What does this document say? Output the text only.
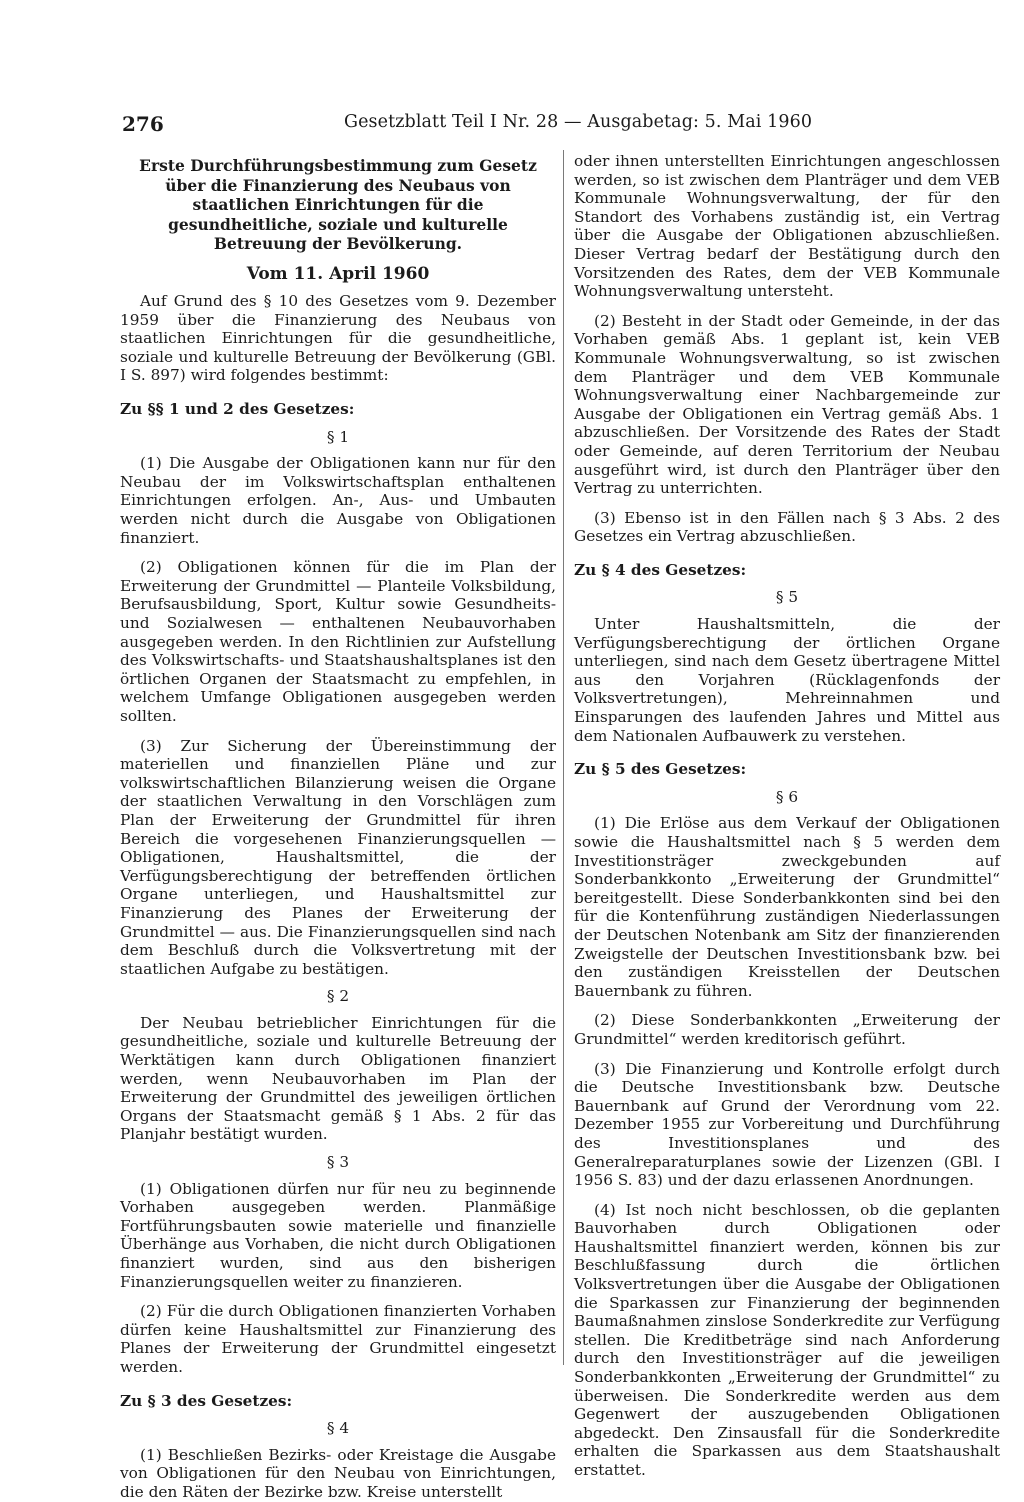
276	Gesetzblatt Teil I Nr. 28 — Ausgabetag: 5. Mai 1960

Erste Durchführungsbestimmung zum Gesetz über die Finanzierung des Neubaus von staatlichen Einrichtungen für die gesundheitliche, soziale und kulturelle Betreuung der Bevölkerung.

Vom 11. April 1960

Auf Grund des § 10 des Gesetzes vom 9. Dezember 1959 über die Finanzierung des Neubaus von staatlichen Einrichtungen für die gesundheitliche, soziale und kulturelle Betreuung der Bevölkerung (GBl. I S. 897) wird folgendes bestimmt:

Zu §§ 1 und 2 des Gesetzes:

§ 1

(1) Die Ausgabe der Obligationen kann nur für den Neubau der im Volkswirtschaftsplan enthaltenen Einrichtungen erfolgen. An-, Aus- und Umbauten werden nicht durch die Ausgabe von Obligationen finanziert.

(2) Obligationen können für die im Plan der Erweiterung der Grundmittel — Planteile Volksbildung, Berufsausbildung, Sport, Kultur sowie Gesundheits- und Sozialwesen — enthaltenen Neubauvorhaben ausgegeben werden. In den Richtlinien zur Aufstellung des Volkswirtschafts- und Staatshaushaltsplanes ist den örtlichen Organen der Staatsmacht zu empfehlen, in welchem Umfange Obligationen ausgegeben werden sollten.

(3) Zur Sicherung der Übereinstimmung der materiellen und finanziellen Pläne und zur volkswirtschaftlichen Bilanzierung weisen die Organe der staatlichen Verwaltung in den Vorschlägen zum Plan der Erweiterung der Grundmittel für ihren Bereich die vorgesehenen Finanzierungsquellen — Obligationen, Haushaltsmittel, die der Verfügungsberechtigung der betreffenden örtlichen Organe unterliegen, und Haushaltsmittel zur Finanzierung des Planes der Erweiterung der Grundmittel — aus. Die Finanzierungsquellen sind nach dem Beschluß durch die Volksvertretung mit der staatlichen Aufgabe zu bestätigen.

§ 2

Der Neubau betrieblicher Einrichtungen für die gesundheitliche, soziale und kulturelle Betreuung der Werktätigen kann durch Obligationen finanziert werden, wenn Neubauvorhaben im Plan der Erweiterung der Grundmittel des jeweiligen örtlichen Organs der Staatsmacht gemäß § 1 Abs. 2 für das Planjahr bestätigt wurden.

§ 3

(1) Obligationen dürfen nur für neu zu beginnende Vorhaben ausgegeben werden. Planmäßige Fortführungsbauten sowie materielle und finanzielle Überhänge aus Vorhaben, die nicht durch Obligationen finanziert wurden, sind aus den bisherigen Finanzierungsquellen weiter zu finanzieren.

(2) Für die durch Obligationen finanzierten Vorhaben dürfen keine Haushaltsmittel zur Finanzierung des Planes der Erweiterung der Grundmittel eingesetzt werden.

Zu § 3 des Gesetzes:

§ 4

(1) Beschließen Bezirks- oder Kreistage die Ausgabe von Obligationen für den Neubau von Einrichtungen, die den Räten der Bezirke bzw. Kreise unterstellt

oder ihnen unterstellten Einrichtungen angeschlossen werden, so ist zwischen dem Planträger und dem VEB Kommunale Wohnungsverwaltung, der für den Standort des Vorhabens zuständig ist, ein Vertrag über die Ausgabe der Obligationen abzuschließen. Dieser Vertrag bedarf der Bestätigung durch den Vorsitzenden des Rates, dem der VEB Kommunale Wohnungsverwaltung untersteht.

(2) Besteht in der Stadt oder Gemeinde, in der das Vorhaben gemäß Abs. 1 geplant ist, kein VEB Kommunale Wohnungsverwaltung, so ist zwischen dem Planträger und dem VEB Kommunale Wohnungsverwaltung einer Nachbargemeinde zur Ausgabe der Obligationen ein Vertrag gemäß Abs. 1 abzuschließen. Der Vorsitzende des Rates der Stadt oder Gemeinde, auf deren Territorium der Neubau ausgeführt wird, ist durch den Planträger über den Vertrag zu unterrichten.

(3) Ebenso ist in den Fällen nach § 3 Abs. 2 des Gesetzes ein Vertrag abzuschließen.

Zu § 4 des Gesetzes:

§ 5

Unter Haushaltsmitteln, die der Verfügungsberechtigung der örtlichen Organe unterliegen, sind nach dem Gesetz übertragene Mittel aus den Vorjahren (Rücklagenfonds der Volksvertretungen), Mehreinnahmen und Einsparungen des laufenden Jahres und Mittel aus dem Nationalen Aufbauwerk zu verstehen.

Zu § 5 des Gesetzes:

§ 6

(1) Die Erlöse aus dem Verkauf der Obligationen sowie die Haushaltsmittel nach § 5 werden dem Investitionsträger zweckgebunden auf Sonderbankkonto „Erweiterung der Grundmittel“ bereitgestellt. Diese Sonderbankkonten sind bei den für die Kontenführung zuständigen Niederlassungen der Deutschen Notenbank am Sitz der finanzierenden Zweigstelle der Deutschen Investitionsbank bzw. bei den zuständigen Kreisstellen der Deutschen Bauernbank zu führen.

(2) Diese Sonderbankkonten „Erweiterung der Grundmittel“ werden kreditorisch geführt.

(3) Die Finanzierung und Kontrolle erfolgt durch die Deutsche Investitionsbank bzw. Deutsche Bauernbank auf Grund der Verordnung vom 22. Dezember 1955 zur Vorbereitung und Durchführung des Investitionsplanes und des Generalreparaturplanes sowie der Lizenzen (GBl. I 1956 S. 83) und der dazu erlassenen Anordnungen.

(4) Ist noch nicht beschlossen, ob die geplanten Bauvorhaben durch Obligationen oder Haushaltsmittel finanziert werden, können bis zur Beschlußfassung durch die örtlichen Volksvertretungen über die Ausgabe der Obligationen die Sparkassen zur Finanzierung der beginnenden Baumaßnahmen zinslose Sonderkredite zur Verfügung stellen. Die Kreditbeträge sind nach Anforderung durch den Investitionsträger auf die jeweiligen Sonderbankkonten „Erweiterung der Grundmittel“ zu überweisen. Die Sonderkredite werden aus dem Gegenwert der auszugebenden Obligationen abgedeckt. Den Zinsausfall für die Sonderkredite erhalten die Sparkassen aus dem Staatshaushalt erstattet.
